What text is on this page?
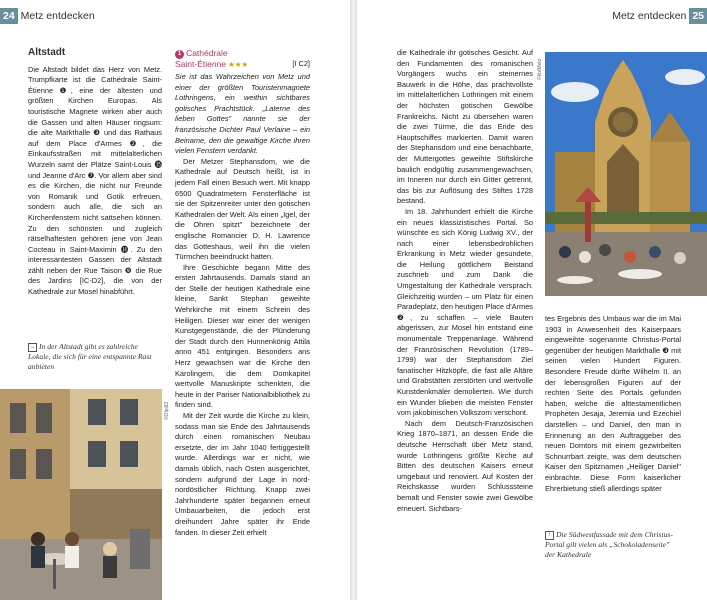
24 Metz entdecken
Altstadt

Die Altstadt bildet das Herz von Metz. Trumpfkarte ist die Cathédrale Saint-Étienne ❶, eine der ältesten und größten Kirchen Europas. Als touristische Magnete wirken aber auch die Gassen und alten Häuser ringsum: die alte Markthalle ❸ und das Rathaus auf dem Place d'Armes ❷, die Einkaufsstraßen mit mittelalterlichen Wurzeln samt der Plätze Saint-Louis ⓯ und Jeanne d'Arc ❼. Vor allem aber sind es die Kirchen, die nicht nur Freunde von Romanik und Gotik erfreuen, sondern auch alle, die sich an Kirchenfenstern nicht sattsehen können. Zu den schönsten und zugleich rätselhaftesten gehören jene von Jean Cocteau in Saint-Maximin ⓮. Zu den interessantesten Gassen der Altstadt zählt neben der Rue Taison ❾ die Rue des Jardins [IC-D2], die von der Kathedrale zur Mosel hinabführt.

→ In der Altstadt gibt es zahlreiche Lokale, die sich für eine entspannte Rast anbieten
©Olpi83
1 Cathédrale
Saint-Étienne ★★★	[I C2]

Sie ist das Wahrzeichen von Metz und einer der größten Touristenmagnete Lothringens, ein weithin sichtbares gotisches Prachtstück. „Laterne des lieben Gottes" nannte sie der französische Dichter Paul Verlaine – ein Beiname, den die gewaltige Kirche ihren vielen Fenstern verdankt.

Der Metzer Stephansdom, wie die Kathedrale auf Deutsch heißt, ist in jedem Fall einen Besuch wert. Mit knapp 6500 Quadratmetern Fensterfläche ist sie der Spitzenreiter unter den gotischen Kathedralen der Welt. Als einen „Igel, der die Ohren spitzt" bezeichnete der englische Romancier D. H. Lawrence das Gotteshaus, weil ihn die vielen Türmchen beeindruckt hatten.

Ihre Geschichte begann Mitte des ersten Jahrtausends. Damals stand an der Stelle der heutigen Kathedrale eine kleine, Sankt Stephan geweihte Wehrkirche mit einem Schrein des Heiligen. Dieser war einer der wenigen Kunstgegenstände, die der Plünderung der Stadt durch den Hunnenkönig Attila anno 451 entgingen. Besonders ans Herz gewachsen war die Kirche den Karolingern, die dem Domkapitel wertvolle Manuskripte schenkten, die heute in der Pariser Nationalbibliothek zu finden sind.

Mit der Zeit wurde die Kirche zu klein, sodass man sie Ende des Jahrtausends durch einen romanischen Neubau ersetzte, der im Jahr 1040 fertiggestellt wurde. Allerdings war er nicht, wie damals üblich, nach Osten ausgerichtet, sondern aufgrund der Lage in nord-nordöstlicher Richtung. Knapp zwei Jahrhunderte später begannen erneut Umbauarbeiten, die jedoch erst dreihundert Jahre später ihr Ende fanden. In dieser Zeit erhielt

Metz entdecken 25

die Kathedrale ihr gotisches Gesicht. Auf den Fundamenten des romanischen Vorgängers wuchs ein steinernes Bauwerk in die Höhe, das prachtvollste im mittelalterlichen Lothringen mit einem der höchsten gotischen Gewölbe Frankreichs. Nicht zu übersehen waren die zwei Türme, die das Ende des Hauptschiffes markierten. Damit waren der Stephansdom und eine benachbarte, der Muttergottes geweihte Stiftskirche baulich endgültig zusammengewachsen, im Inneren nur durch ein Gitter getrennt, das bis zur Auflösung des Stiftes 1728 bestand.

Im 18. Jahrhundert erhielt die Kirche ein neues klassizistisches Portal. So wünschte es sich König Ludwig XV., der nach einer lebensbedrohlichen Erkrankung in Metz wieder gesundete, die Heilung göttlichem Beistand zuschrieb und zum Dank die Umgestaltung der Kathedrale versprach. Gleichzeitig wurden – um Platz für einen Paradeplatz, den heutigen Place d'Armes ❷, zu schaffen – viele Bauten abgerissen, zur Mosel hin entstand eine monumentale Treppenanlage. Während der Französischen Revolution (1789–1799) war der Stephansdom Ziel fanatischer Hitzköpfe, die fast alle Altäre und Grabstätten zerstörten und wertvolle Kunstdenkmäler demolierten. Wie durch ein Wunder blieben die meisten Fenster vom jakobinischen Volkszorn verschont.

Nach dem Deutsch-Französischen Krieg 1870–1871, an dessen Ende die deutsche Herrschaft über Metz stand, wurde Lothringens größte Kirche auf Bitten des deutschen Kaisers erneut umgebaut und renoviert. Auf Kosten der Reichskasse wurden Schlusssteine bemalt und Fenster sowie zwei Gewölbe erneuert. Sichtbars-

©kb/Metz

tes Ergebnis des Umbaus war die im Mai 1903 in Anwesenheit des Kaiserpaars eingeweihte sogenannte Christus-Portal gegenüber der heutigen Markthalle ❸ mit seinen vielen Hundert Figuren. Besondere Freude dürfte Wilhelm II. an der lebensgroßen Figuren auf der rechten Seite des Portals gefunden haben, welche die alttestamentlichen Propheten Jesaja, Jeremia und Ezechiel darstellen – und Daniel, den man in Erinnerung an den Auftraggeber des neuen Domtors mit einem gezwirbelten Schnurrbart zeigte, was dem deutschen Kaiser den Spitznamen „Heiliger Daniel" einbrachte. Diese Form kaiserlicher Ehrerbietung stieß allerdings später

↑ Die Südwestfassade mit dem Christus-Portal gilt vielen als „Schokoladenseite" der Kathedrale
